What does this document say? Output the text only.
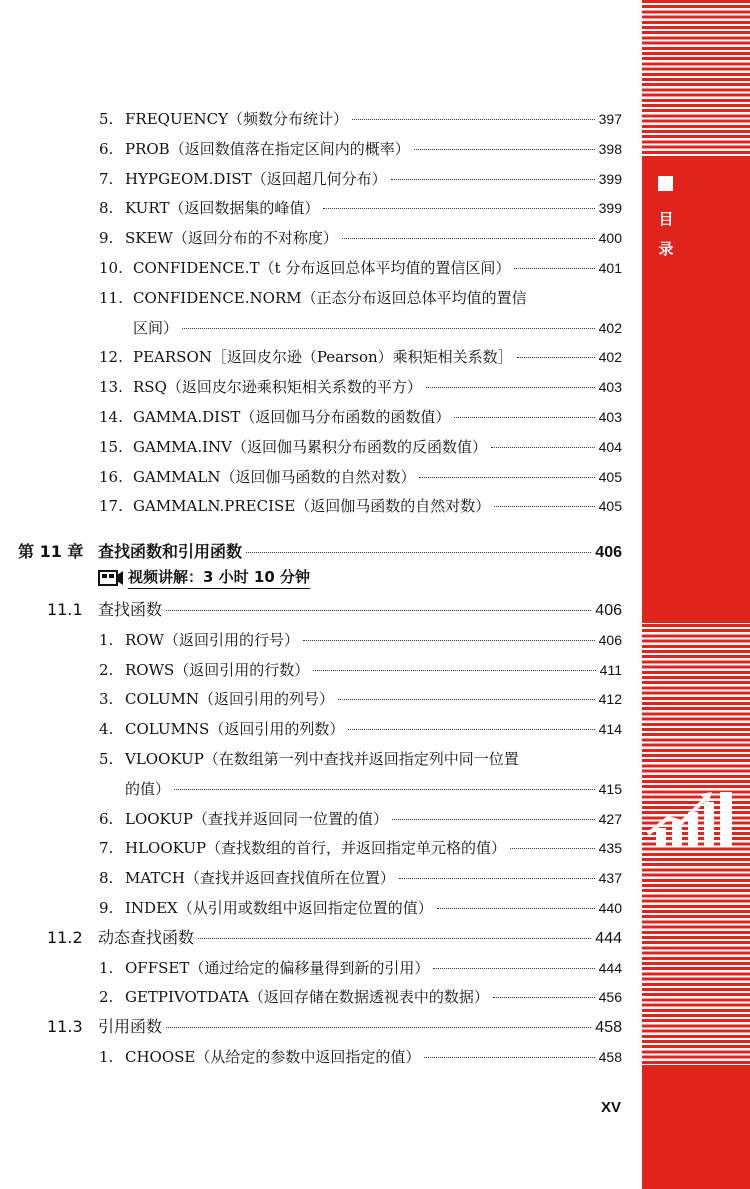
目录
5. FREQUENCY（频数分布统计）	397
6. PROB（返回数值落在指定区间内的概率）	398
7. HYPGEOM.DIST（返回超几何分布）	399
8. KURT（返回数据集的峰值）	399
9. SKEW（返回分布的不对称度）	400
10. CONFIDENCE.T（t 分布返回总体平均值的置信区间）	401
11. CONFIDENCE.NORM（正态分布返回总体平均值的置信
区间）	402
12. PEARSON［返回皮尔逊（Pearson）乘积矩相关系数］	402
13. RSQ（返回皮尔逊乘积矩相关系数的平方）	403
14. GAMMA.DIST（返回伽马分布函数的函数值）	403
15. GAMMA.INV（返回伽马累积分布函数的反函数值）	404
16. GAMMALN（返回伽马函数的自然对数）	405
17. GAMMALN.PRECISE（返回伽马函数的自然对数）	405
第 11 章 查找函数和引用函数	406
视频讲解：3 小时 10 分钟
11.1 查找函数	406
1. ROW（返回引用的行号）	406
2. ROWS（返回引用的行数）	411
3. COLUMN（返回引用的列号）	412
4. COLUMNS（返回引用的列数）	414
5. VLOOKUP（在数组第一列中查找并返回指定列中同一位置
的值）	415
6. LOOKUP（查找并返回同一位置的值）	427
7. HLOOKUP（查找数组的首行，并返回指定单元格的值）	435
8. MATCH（查找并返回查找值所在位置）	437
9. INDEX（从引用或数组中返回指定位置的值）	440
11.2 动态查找函数	444
1. OFFSET（通过给定的偏移量得到新的引用）	444
2. GETPIVOTDATA（返回存储在数据透视表中的数据）	456
11.3 引用函数	458
1. CHOOSE（从给定的参数中返回指定的值）	458
XV
